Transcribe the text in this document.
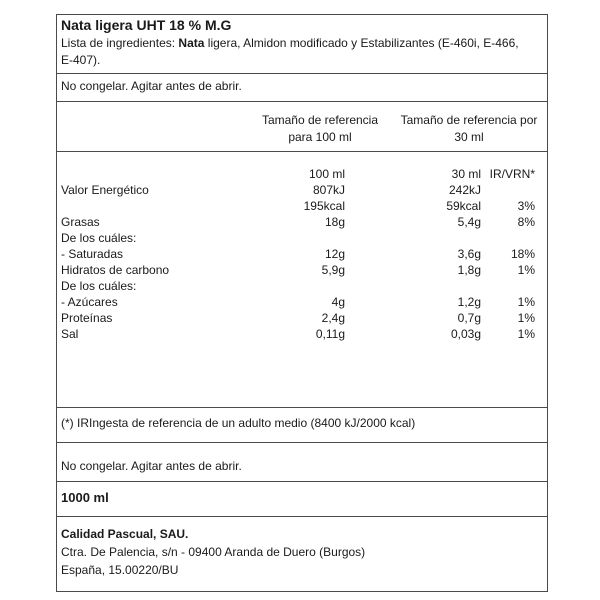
Nata ligera UHT 18 % M.G
Lista de ingredientes: Nata ligera, Almidon modificado y Estabilizantes (E-460i, E-466, E-407).
No congelar. Agitar antes de abrir.
Tamaño de referencia
para 100 ml
Tamaño de referencia por
30 ml
100 ml	30 ml IR/VRN*
Valor Energético	807kJ	242kJ
195kcal	59kcal	3%
Grasas	18g	5,4g	8%
De los cuáles:
- Saturadas	12g	3,6g 18%
Hidratos de carbono	5,9g	1,8g	1%
De los cuáles:
- Azúcares	4g	1,2g	1%
Proteínas	2,4g	0,7g	1%
Sal	0,11g	0,03g	1%
(*) IRIngesta de referencia de un adulto medio (8400 kJ/2000 kcal)
No congelar. Agitar antes de abrir.
1000 ml
Calidad Pascual, SAU.
Ctra. De Palencia, s/n - 09400 Aranda de Duero (Burgos)
España, 15.00220/BU
